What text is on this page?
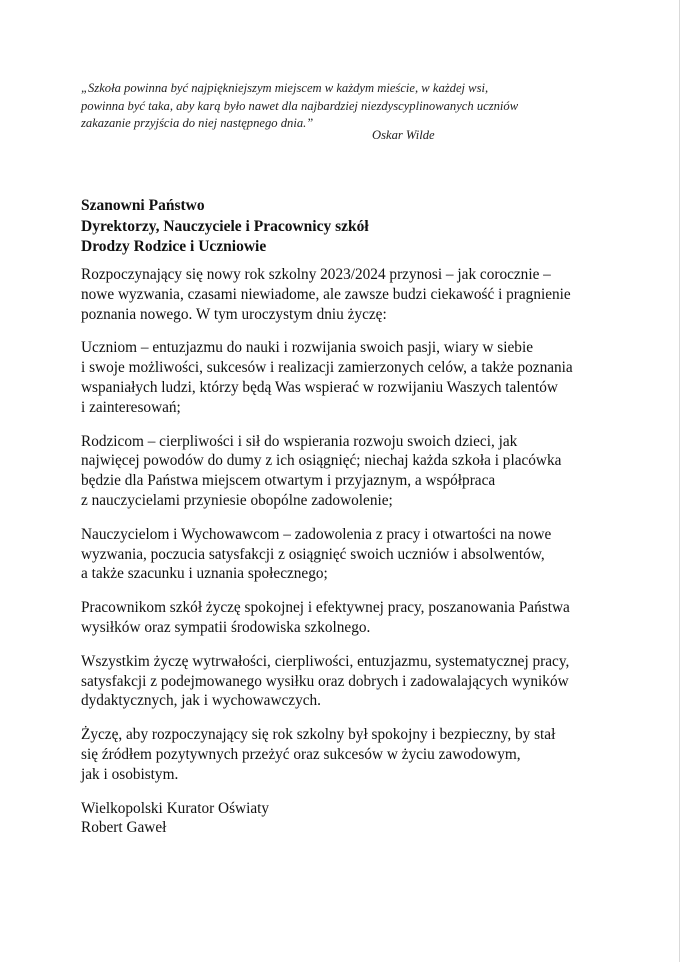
„Szkoła powinna być najpiękniejszym miejscem w każdym mieście, w każdej wsi,
powinna być taka, aby karą było nawet dla najbardziej niezdyscyplinowanych uczniów
zakazanie przyjścia do niej następnego dnia.”
Oskar Wilde
Szanowni Państwo
Dyrektorzy, Nauczyciele i Pracownicy szkół
Drodzy Rodzice i Uczniowie
Rozpoczynający się nowy rok szkolny 2023/2024 przynosi – jak corocznie –
nowe wyzwania, czasami niewiadome, ale zawsze budzi ciekawość i pragnienie
poznania nowego. W tym uroczystym dniu życzę:
Uczniom – entuzjazmu do nauki i rozwijania swoich pasji, wiary w siebie
i swoje możliwości, sukcesów i realizacji zamierzonych celów, a także poznania
wspaniałych ludzi, którzy będą Was wspierać w rozwijaniu Waszych talentów
i zainteresowań;
Rodzicom – cierpliwości i sił do wspierania rozwoju swoich dzieci, jak
najwięcej powodów do dumy z ich osiągnięć; niechaj każda szkoła i placówka
będzie dla Państwa miejscem otwartym i przyjaznym, a współpraca
z nauczycielami przyniesie obopólne zadowolenie;
Nauczycielom i Wychowawcom – zadowolenia z pracy i otwartości na nowe
wyzwania, poczucia satysfakcji z osiągnięć swoich uczniów i absolwentów,
a także szacunku i uznania społecznego;
Pracownikom szkół życzę spokojnej i efektywnej pracy, poszanowania Państwa
wysiłków oraz sympatii środowiska szkolnego.
Wszystkim życzę wytrwałości, cierpliwości, entuzjazmu, systematycznej pracy,
satysfakcji z podejmowanego wysiłku oraz dobrych i zadowalających wyników
dydaktycznych, jak i wychowawczych.
Życzę, aby rozpoczynający się rok szkolny był spokojny i bezpieczny, by stał
się źródłem pozytywnych przeżyć oraz sukcesów w życiu zawodowym,
jak i osobistym.
Wielkopolski Kurator Oświaty
Robert Gaweł
